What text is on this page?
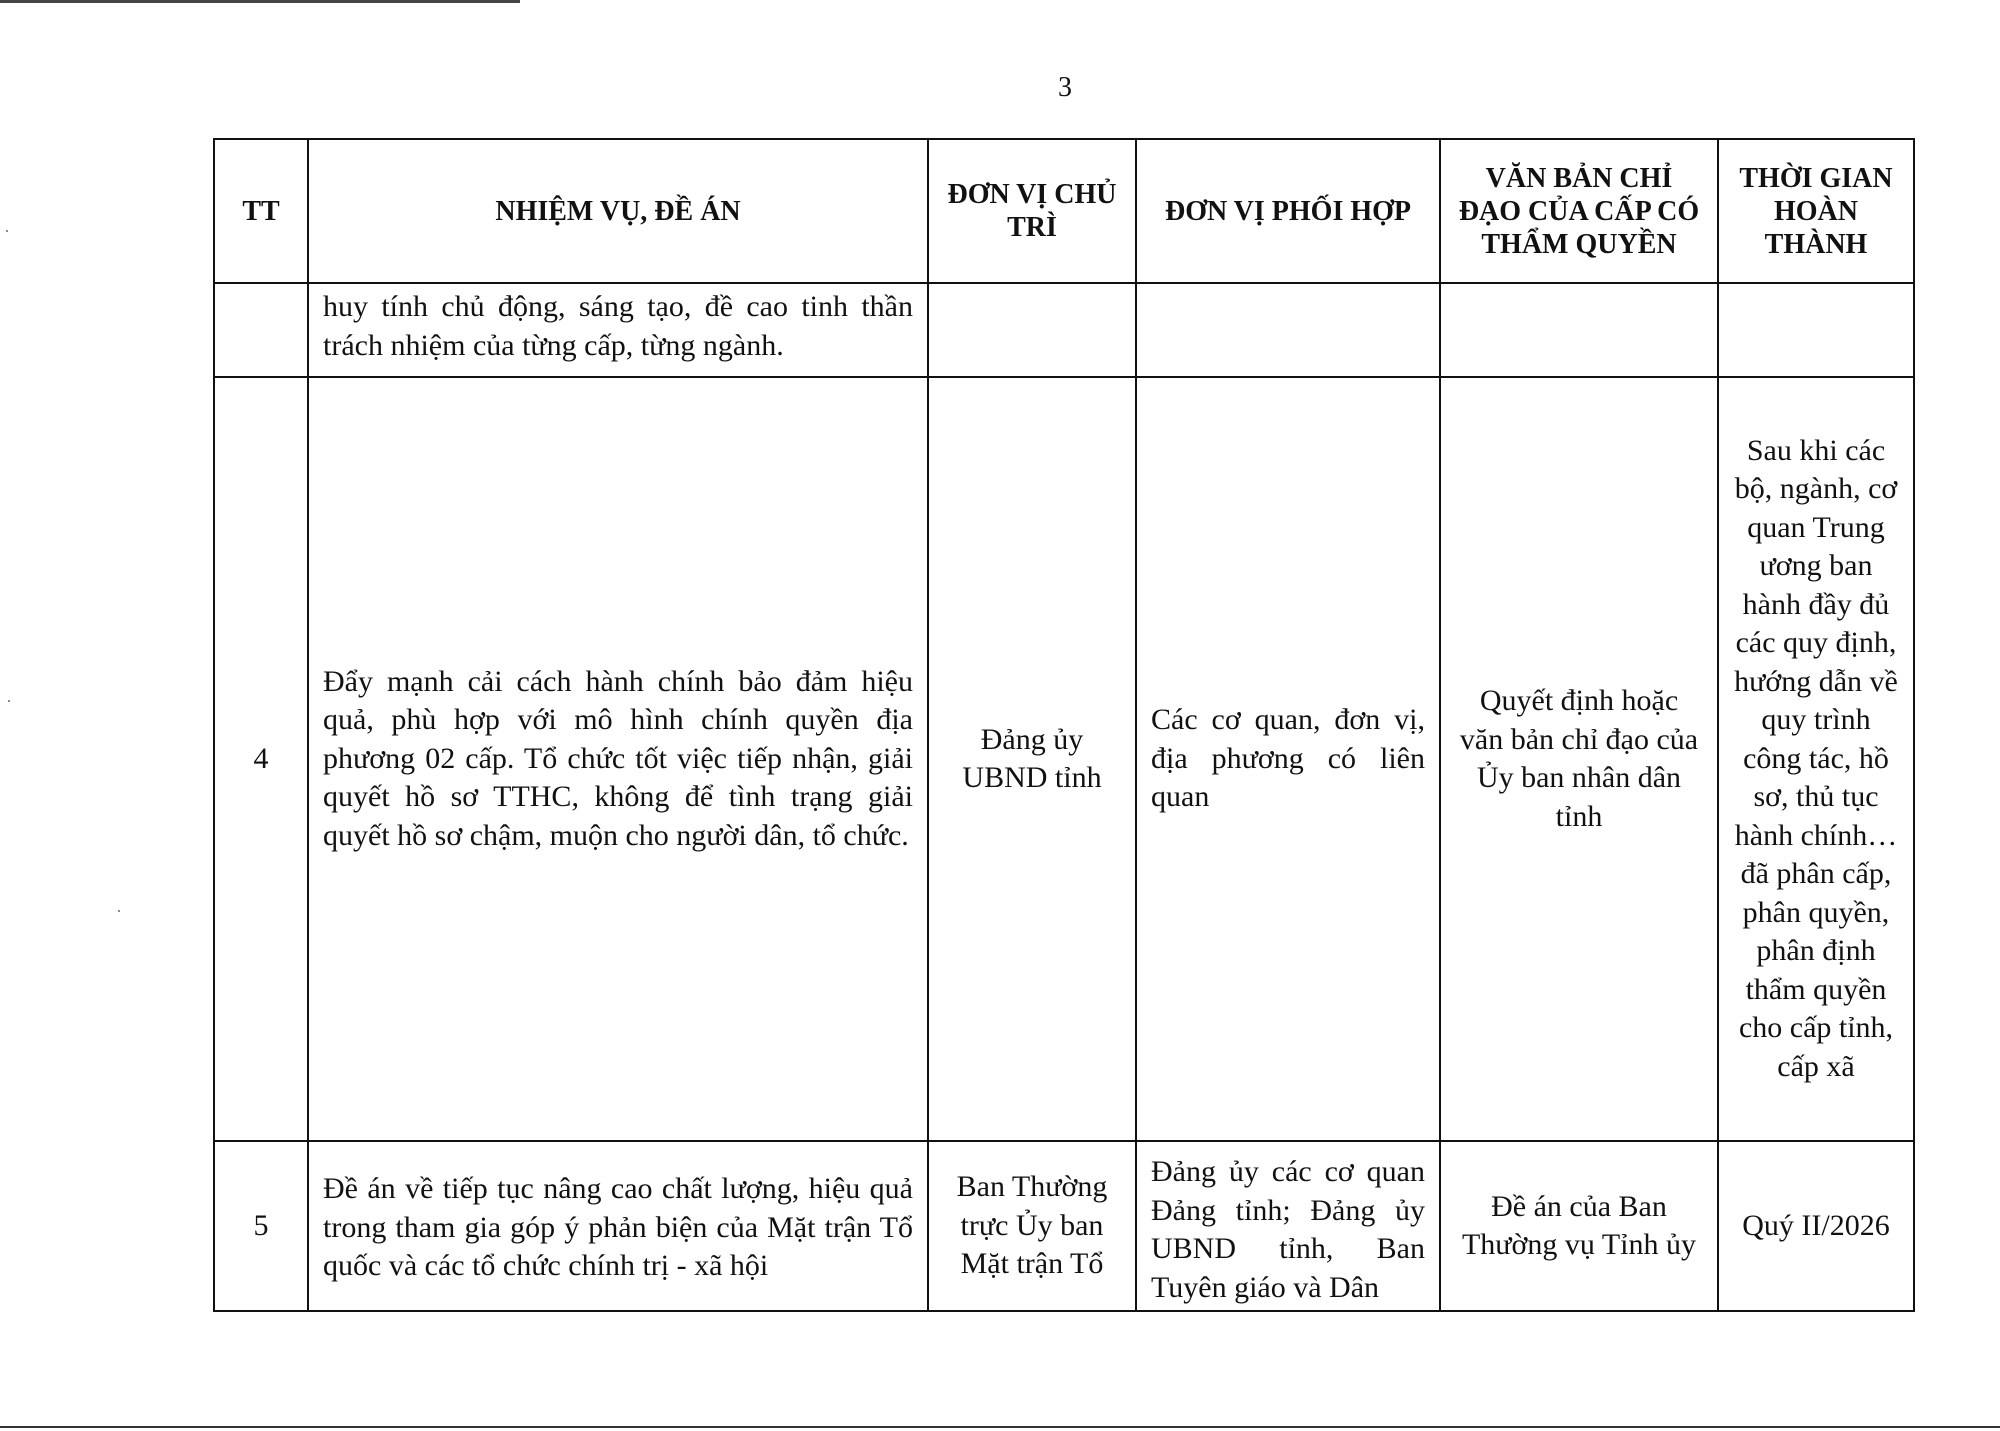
3
TT	NHIỆM VỤ, ĐỀ ÁN	ĐƠN VỊ CHỦ TRÌ	ĐƠN VỊ PHỐI HỢP	VĂN BẢN CHỈ ĐẠO CỦA CẤP CÓ THẨM QUYỀN	THỜI GIAN HOÀN THÀNH
	huy tính chủ động, sáng tạo, đề cao tinh thần trách nhiệm của từng cấp, từng ngành.				
4	Đẩy mạnh cải cách hành chính bảo đảm hiệu quả, phù hợp với mô hình chính quyền địa phương 02 cấp. Tổ chức tốt việc tiếp nhận, giải quyết hồ sơ TTHC, không để tình trạng giải quyết hồ sơ chậm, muộn cho người dân, tổ chức.	Đảng ủy UBND tỉnh	Các cơ quan, đơn vị, địa phương có liên quan	Quyết định hoặc văn bản chỉ đạo của Ủy ban nhân dân tỉnh	Sau khi các bộ, ngành, cơ quan Trung ương ban hành đầy đủ các quy định, hướng dẫn về quy trình công tác, hồ sơ, thủ tục hành chính… đã phân cấp, phân quyền, phân định thẩm quyền cho cấp tỉnh, cấp xã

5	Đề án về tiếp tục nâng cao chất lượng, hiệu quả trong tham gia góp ý phản biện của Mặt trận Tổ quốc và các tổ chức chính trị - xã hội	Ban Thường trực Ủy ban Mặt trận Tổ	Đảng ủy các cơ quan Đảng tỉnh; Đảng ủy UBND tỉnh, Ban Tuyên giáo và Dân	Đề án của Ban Thường vụ Tỉnh ủy	Quý II/2026
